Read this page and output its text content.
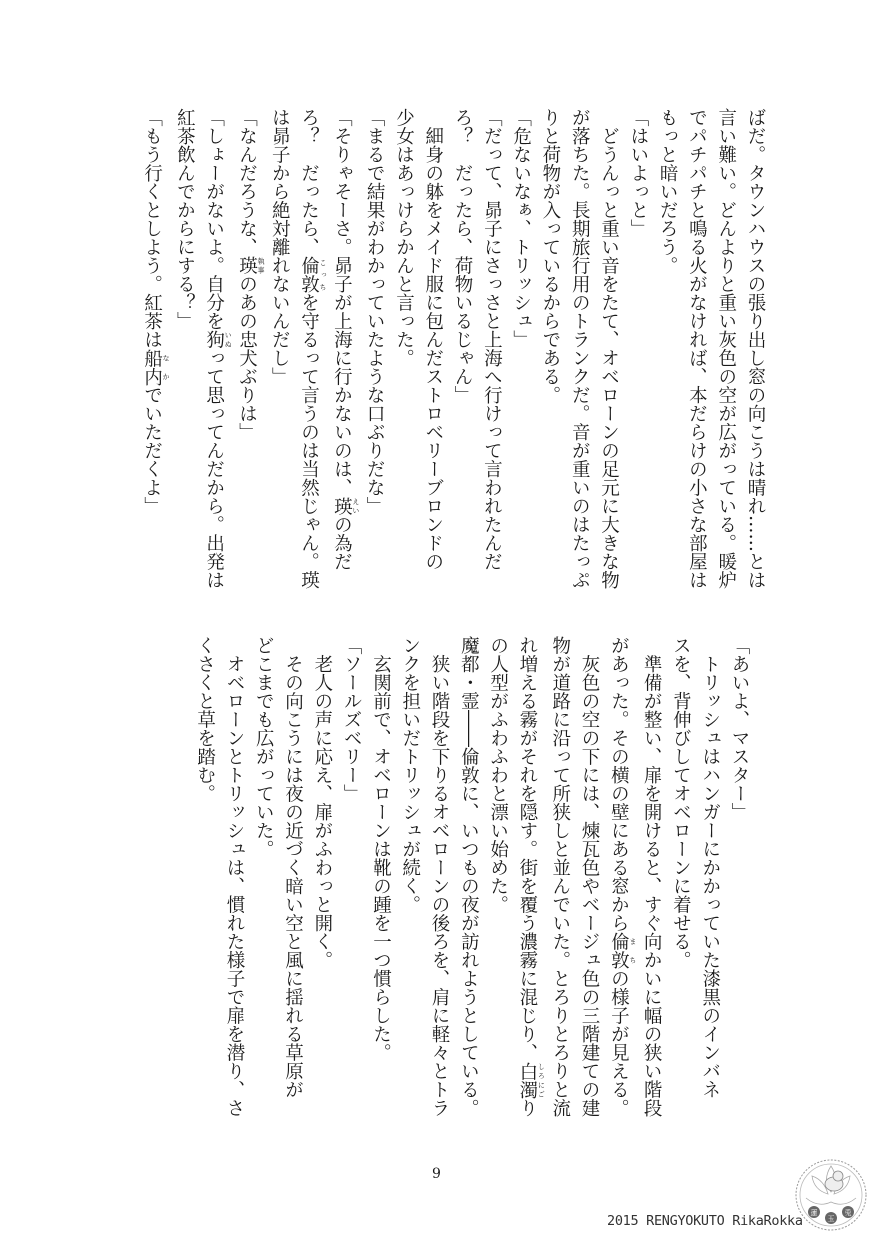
ばだ。タウンハウスの張り出し窓の向こうは晴れ……とは
言い難い。どんよりと重い灰色の空が広がっている。暖炉
でパチパチと鳴る火がなければ、本だらけの小さな部屋は
もっと暗いだろう。
「はいよっと」
　どうんっと重い音をたて、オベローンの足元に大きな物
が落ちた。長期旅行用のトランクだ。音が重いのはたっぷ
りと荷物が入っているからである。
「危ないなぁ、トリッシュ」
「だって、昴子にさっさと上海へ行けって言われたんだ
ろ？　だったら、荷物いるじゃん」
　細身の躰をメイド服に包んだストロベリーブロンドの
少女はあっけらかんと言った。
「まるで結果がわかっていたような口ぶりだな」
「そりゃそーさ。昴子が上海に行かないのは、瑛 えいの為だ
ろ？　だったら、倫敦 こっちを守るって言うのは当然じゃん。瑛
は昴子から絶対離れないんだし」
「なんだろうな、瑛 執事のあの忠犬ぶりは」
「しょーがないよ。自分を狗 いぬって思ってんだから。出発は
紅茶飲んでからにする？」
「もう行くとしよう。紅茶は船内 なかでいただくよ」
「あいよ、マスター」
　トリッシュはハンガーにかかっていた漆黒のインバネ
スを、背伸びしてオベローンに着せる。
　準備が整い、扉を開けると、すぐ向かいに幅の狭い階段
があった。その横の壁にある窓から倫敦 まちの様子が見える。
　灰色の空の下には、煉瓦色やベージュ色の三階建ての建
物が道路に沿って所狭しと並んでいた。とろりとろりと流
れ増える霧がそれを隠す。街を覆う濃霧に混じり、白濁 しろにごり
の人型がふわふわと漂い始めた。
魔都・霊――倫敦に、いつもの夜が訪れようとしている。
　狭い階段を下りるオベローンの後ろを、肩に軽々とトラ
ンクを担いだトリッシュが続く。
　玄関前で、オベローンは靴の踵を一つ慣らした。
「ソールズベリー」
　老人の声に応え、扉がふわっと開く。
　その向こうには夜の近づく暗い空と風に揺れる草原が
どこまでも広がっていた。
　オベローンとトリッシュは、慣れた様子で扉を潜り、さ
くさくと草を踏む。
9
2015 RENGYOKUTO RikaRokka 蓮
玉
兎
